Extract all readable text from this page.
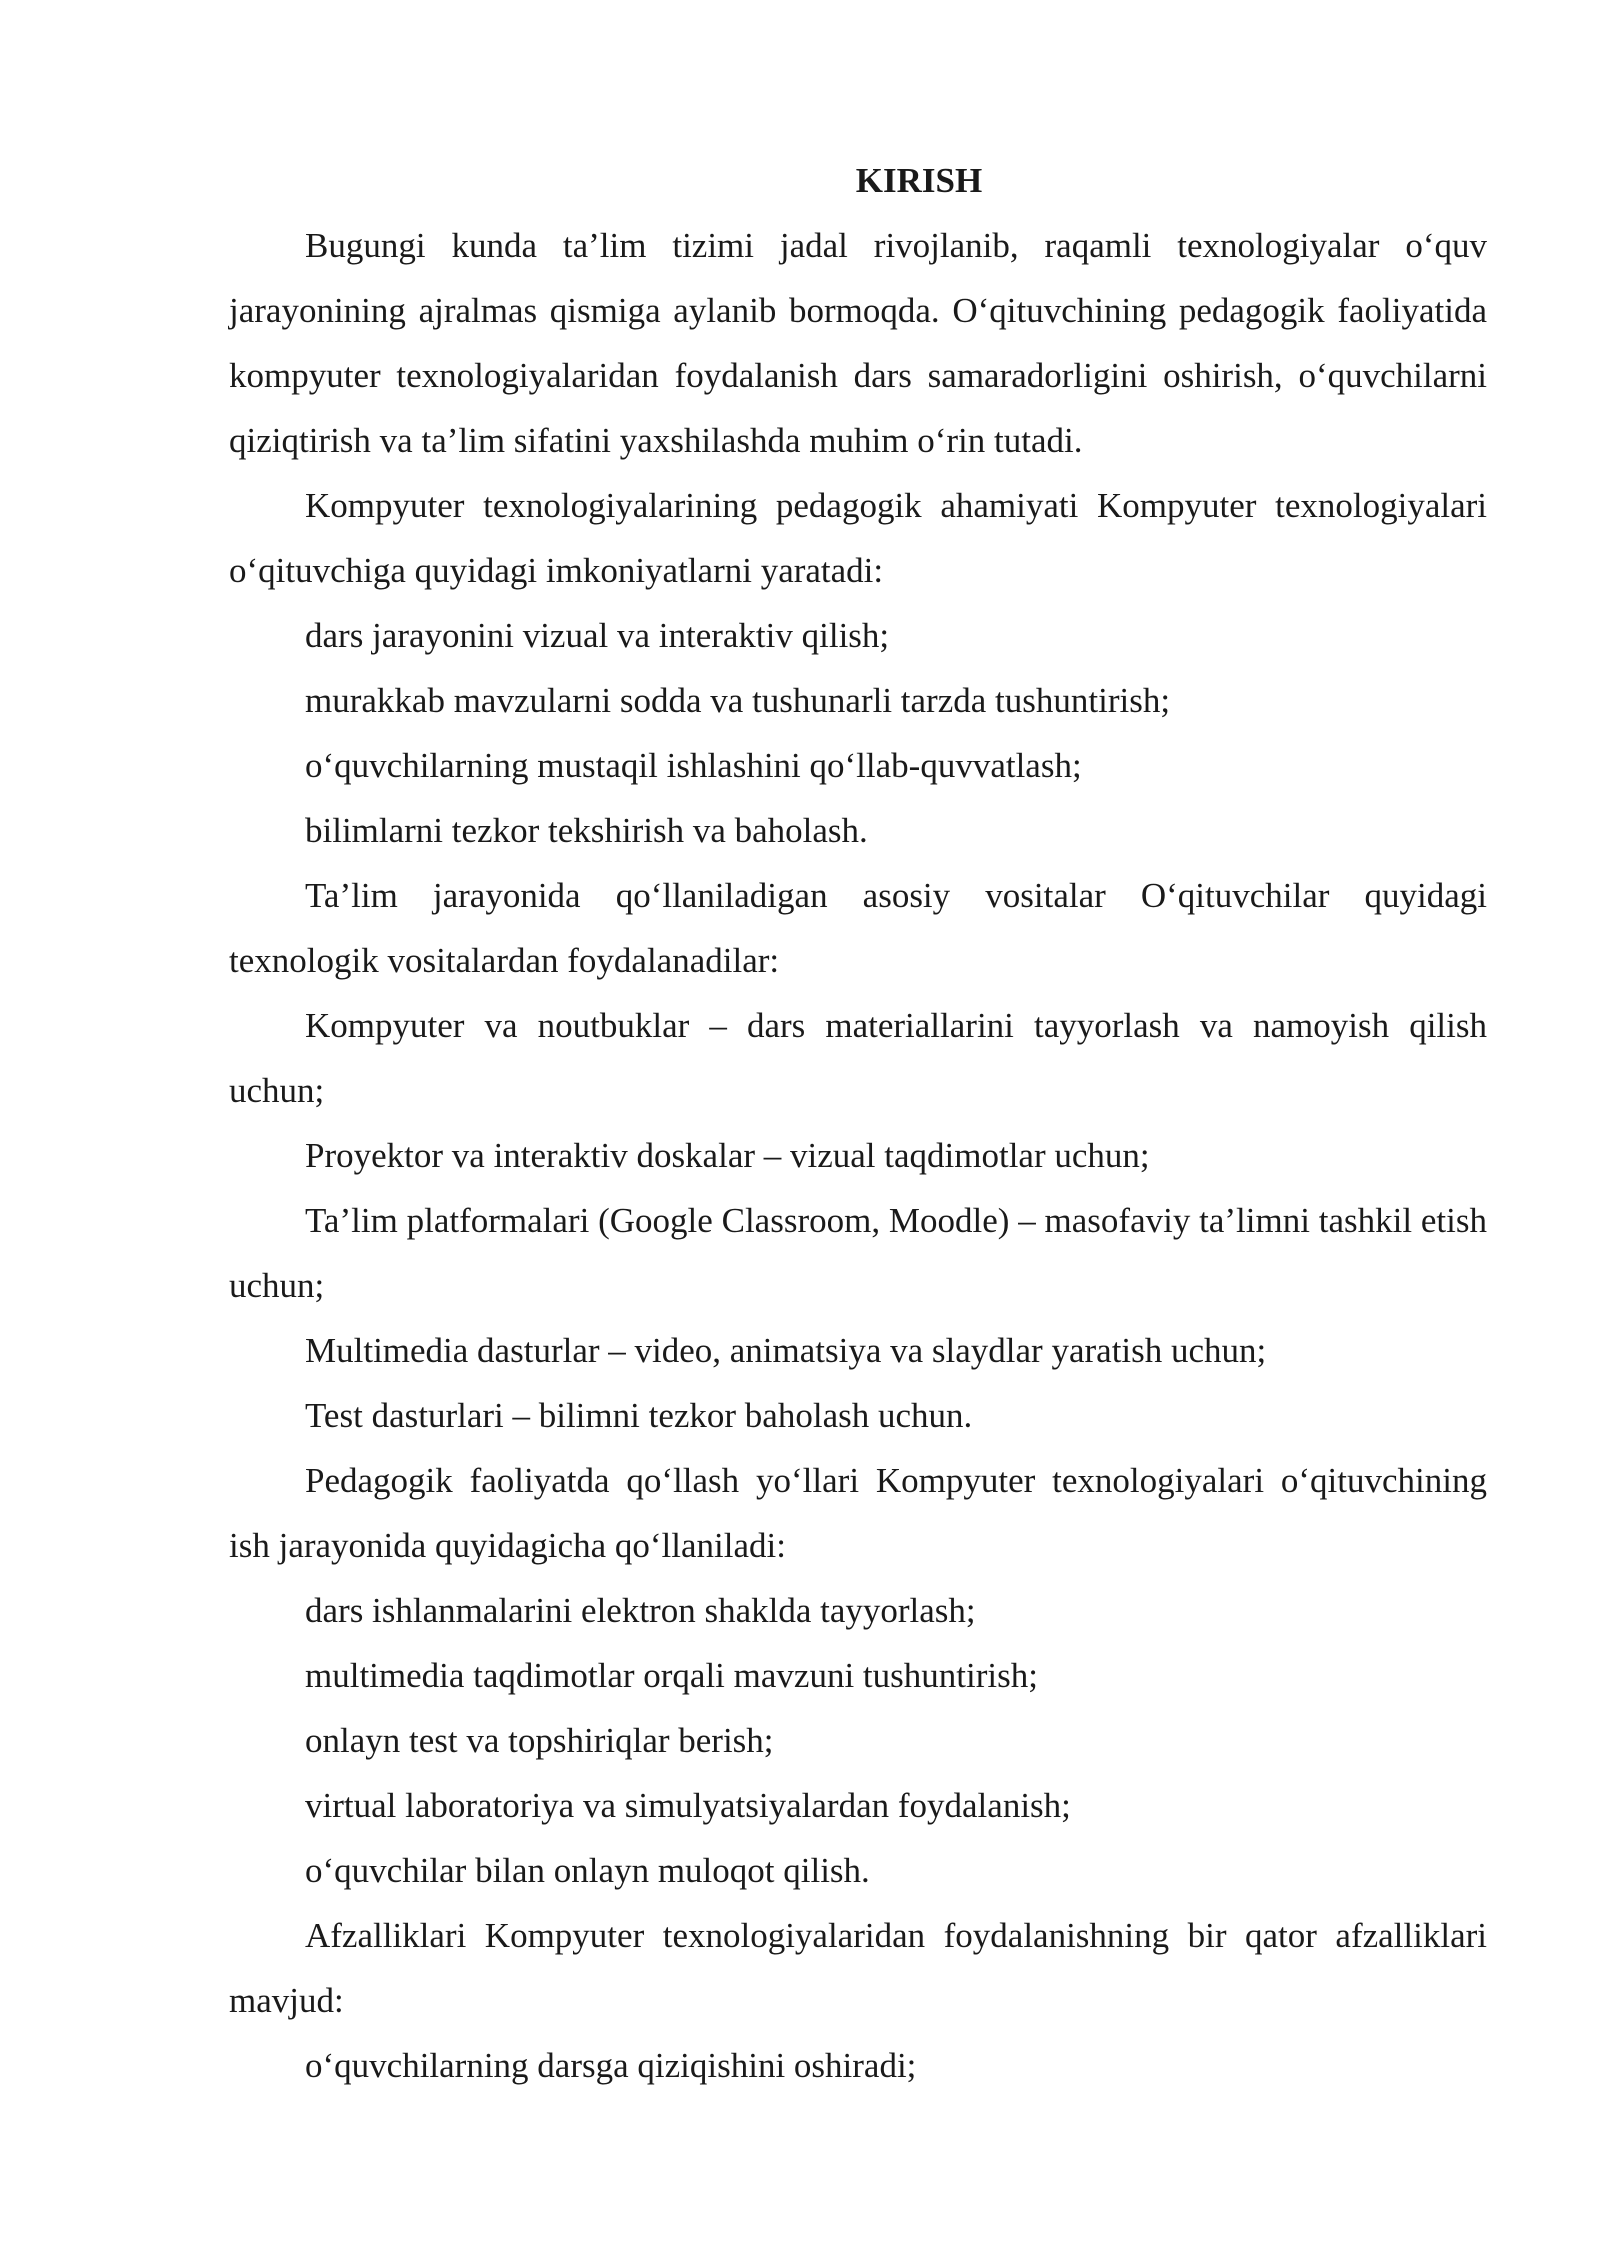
KIRISH
Bugungi kunda ta’lim tizimi jadal rivojlanib, raqamli texnologiyalar o‘quv jarayonining ajralmas qismiga aylanib bormoqda. O‘qituvchining pedagogik faoliyatida kompyuter texnologiyalaridan foydalanish dars samaradorligini oshirish, o‘quvchilarni qiziqtirish va ta’lim sifatini yaxshilashda muhim o‘rin tutadi.
Kompyuter texnologiyalarining pedagogik ahamiyati Kompyuter texnologiyalari o‘qituvchiga quyidagi imkoniyatlarni yaratadi:
dars jarayonini vizual va interaktiv qilish;
murakkab mavzularni sodda va tushunarli tarzda tushuntirish;
o‘quvchilarning mustaqil ishlashini qo‘llab-quvvatlash;
bilimlarni tezkor tekshirish va baholash.
Ta’lim jarayonida qo‘llaniladigan asosiy vositalar O‘qituvchilar quyidagi texnologik vositalardan foydalanadilar:
Kompyuter va noutbuklar – dars materiallarini tayyorlash va namoyish qilish uchun;
Proyektor va interaktiv doskalar – vizual taqdimotlar uchun;
Ta’lim platformalari (Google Classroom, Moodle) – masofaviy ta’limni tashkil etish uchun;
Multimedia dasturlar – video, animatsiya va slaydlar yaratish uchun;
Test dasturlari – bilimni tezkor baholash uchun.
Pedagogik faoliyatda qo‘llash yo‘llari Kompyuter texnologiyalari o‘qituvchining ish jarayonida quyidagicha qo‘llaniladi:
dars ishlanmalarini elektron shaklda tayyorlash;
multimedia taqdimotlar orqali mavzuni tushuntirish;
onlayn test va topshiriqlar berish;
virtual laboratoriya va simulyatsiyalardan foydalanish;
o‘quvchilar bilan onlayn muloqot qilish.
Afzalliklari Kompyuter texnologiyalaridan foydalanishning bir qator afzalliklari mavjud:
o‘quvchilarning darsga qiziqishini oshiradi;
